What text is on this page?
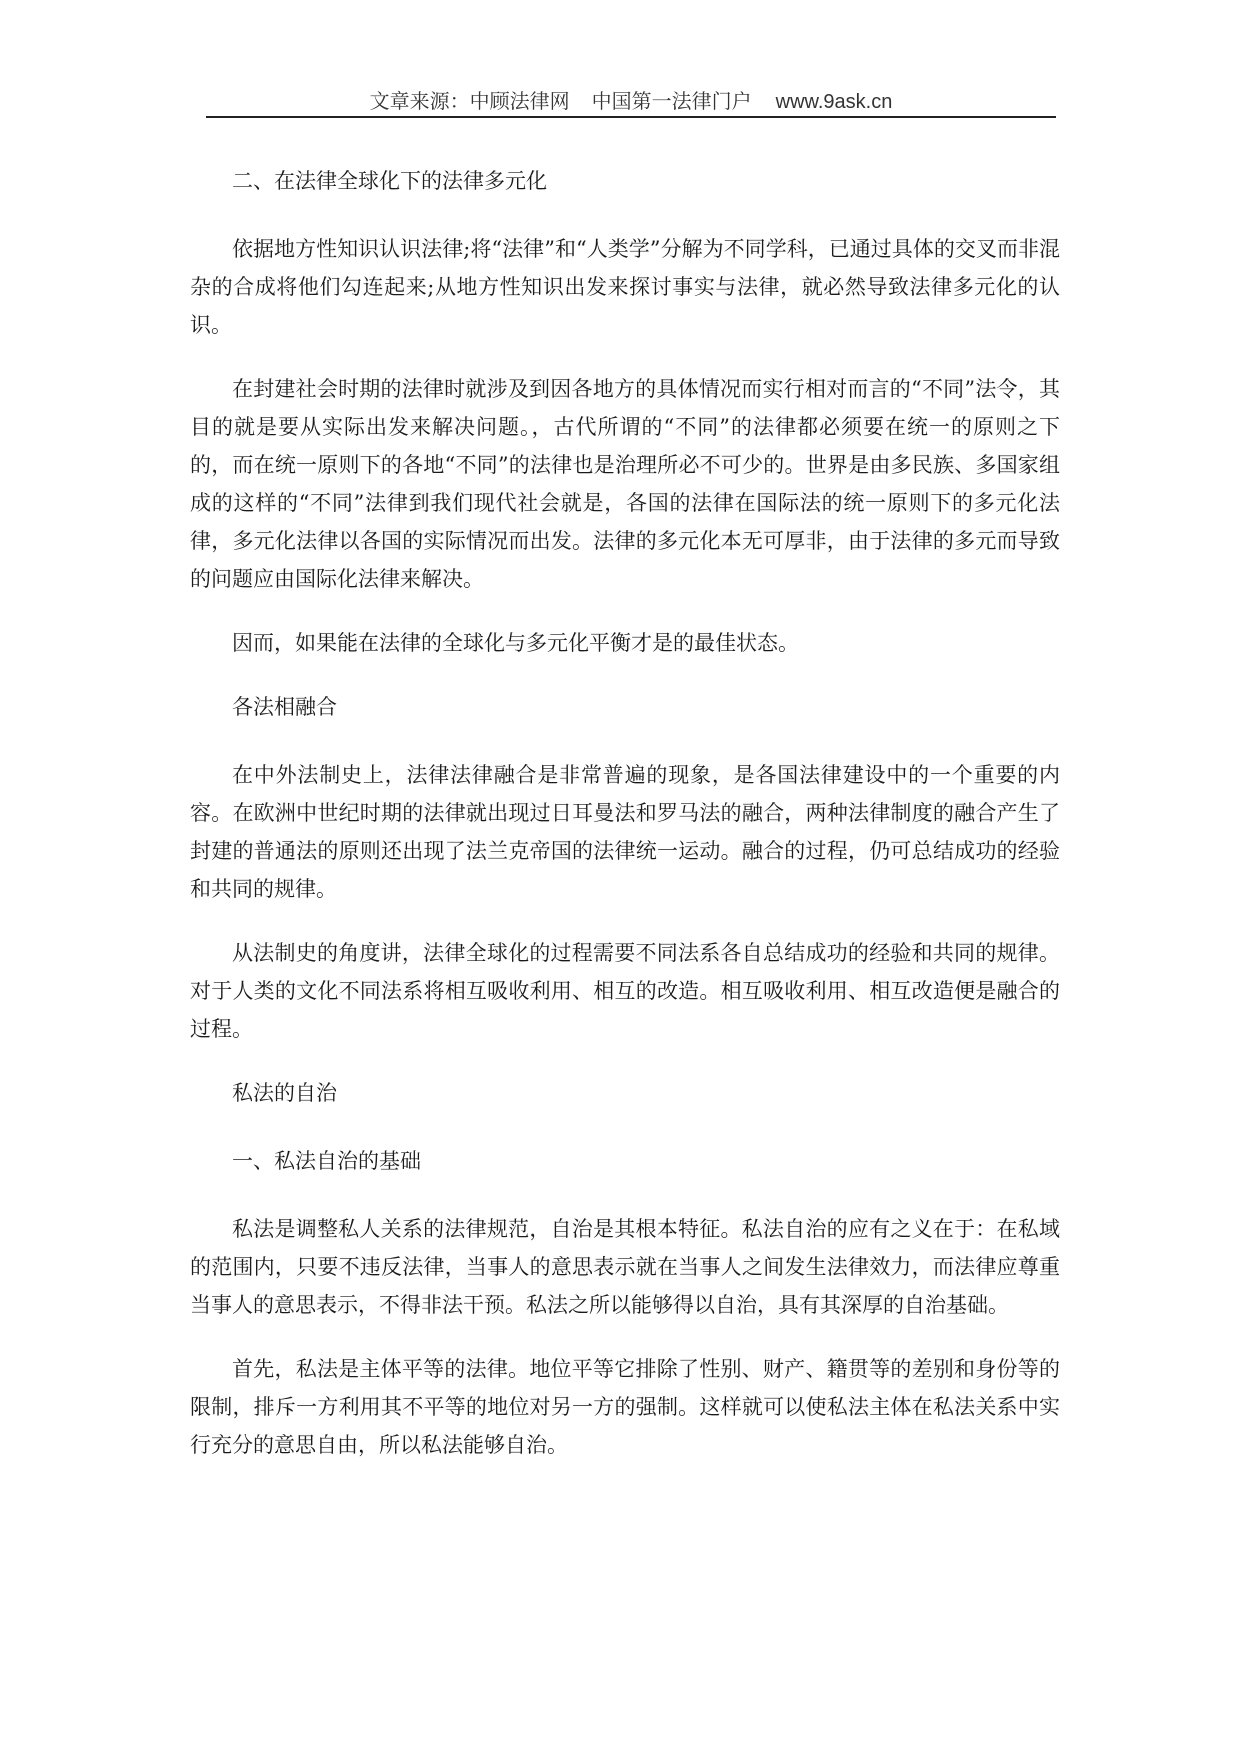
文章来源：中顾法律网 中国第一法律门户 www.9ask.cn

二、在法律全球化下的法律多元化

依据地方性知识认识法律;将“法律”和“人类学”分解为不同学科，已通过具体的交叉而非混杂的合成将他们勾连起来;从地方性知识出发来探讨事实与法律，就必然导致法律多元化的认识。

在封建社会时期的法律时就涉及到因各地方的具体情况而实行相对而言的“不同”法令，其目的就是要从实际出发来解决问题。，古代所谓的“不同”的法律都必须要在统一的原则之下的，而在统一原则下的各地“不同”的法律也是治理所必不可少的。世界是由多民族、多国家组成的这样的“不同”法律到我们现代社会就是，各国的法律在国际法的统一原则下的多元化法律，多元化法律以各国的实际情况而出发。法律的多元化本无可厚非，由于法律的多元而导致的问题应由国际化法律来解决。

因而，如果能在法律的全球化与多元化平衡才是的最佳状态。

各法相融合

在中外法制史上，法律法律融合是非常普遍的现象，是各国法律建设中的一个重要的内容。在欧洲中世纪时期的法律就出现过日耳曼法和罗马法的融合，两种法律制度的融合产生了封建的普通法的原则还出现了法兰克帝国的法律统一运动。融合的过程，仍可总结成功的经验和共同的规律。

从法制史的角度讲，法律全球化的过程需要不同法系各自总结成功的经验和共同的规律。对于人类的文化不同法系将相互吸收利用、相互的改造。相互吸收利用、相互改造便是融合的过程。

私法的自治

一、私法自治的基础

私法是调整私人关系的法律规范，自治是其根本特征。私法自治的应有之义在于：在私域的范围内，只要不违反法律，当事人的意思表示就在当事人之间发生法律效力，而法律应尊重当事人的意思表示，不得非法干预。私法之所以能够得以自治，具有其深厚的自治基础。

首先，私法是主体平等的法律。地位平等它排除了性别、财产、籍贯等的差别和身份等的限制，排斥一方利用其不平等的地位对另一方的强制。这样就可以使私法主体在私法关系中实行充分的意思自由，所以私法能够自治。
